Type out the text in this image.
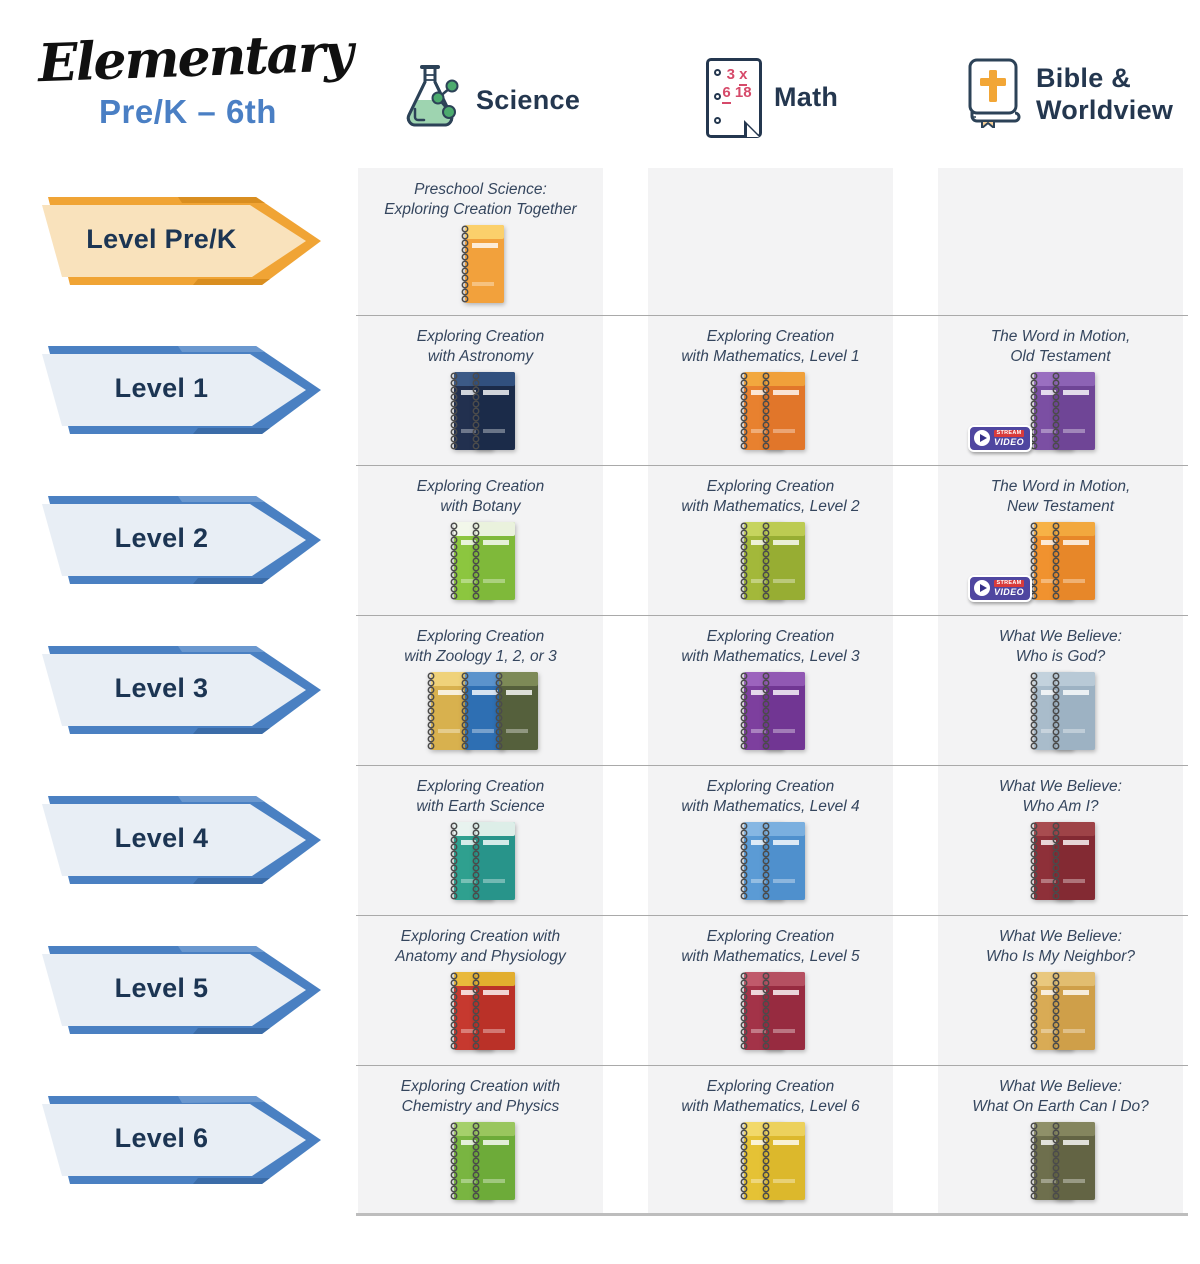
Elementary
Pre/K – 6th	Science
3 x 6 18 Math
Bible & Worldview
Level Pre/K
Level 1
Level 2
Level 3
Level 4
Level 5
Level 6
Preschool Science:
Exploring Creation Together
Exploring Creation
with Astronomy
Exploring Creation
with Mathematics, Level 1
The Word in Motion,
Old Testament
STREAM
VIDEO
Exploring Creation
with Botany
Exploring Creation
with Mathematics, Level 2
The Word in Motion,
New Testament
STREAM
VIDEO
Exploring Creation
with Zoology 1, 2, or 3
Exploring Creation
with Mathematics, Level 3
What We Believe:
Who is God?
Exploring Creation
with Earth Science
Exploring Creation
with Mathematics, Level 4
What We Believe:
Who Am I?
Exploring Creation with
Anatomy and Physiology
Exploring Creation
with Mathematics, Level 5
What We Believe:
Who Is My Neighbor?
Exploring Creation with
Chemistry and Physics
Exploring Creation
with Mathematics, Level 6
What We Believe:
What On Earth Can I Do?
